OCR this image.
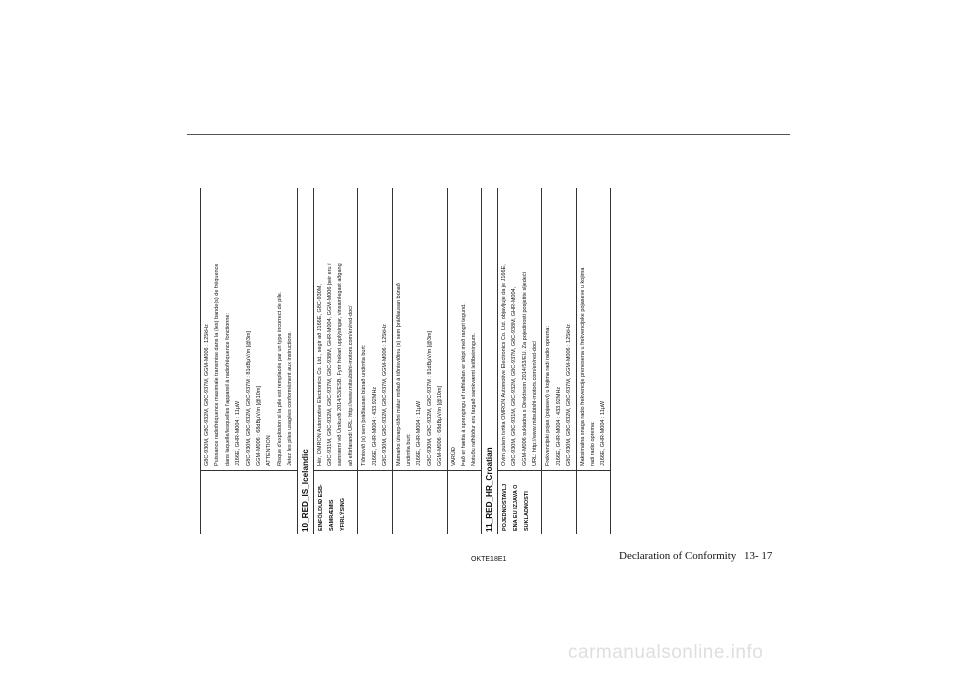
G8C-930M, G8C-932M, G8C-937M, GGM-M006 : 125kHz Puissance radiofréquence maximale transmise dans la (les) bande(s) de fréquence dans laquelle/lesquelles l'appareil à radiofréquence fonctionne: J166E, GHR-M004 : 11μW G8C-930M, G8C-932M, G8C-937M : 81dBμV/m [@3m] GGM-M006 : 68dBμV/m [@10m] ATTENTION Risque d'explosion si la pile est remplacée par un type incorrect de pile. Jetez les piles usagées conformément aux instructions.
10_RED_IS_Icelandic	EINFÖLDUÐ ESB-SAMRÆMIS YFIRLÝSING
Hér, OMRON Automotive Electronics Co. Ltd., segir að J166E, G8C-930M, G8C-931M, G8C-932M, G8C-937M, G8C-938M, GHR-M004, GGM-M006 þeir eru í samræmi við Úrskurði 2014/53/ESB. Fyrir frekari upplýsingar, vinsamlegast aðgang að eftirfarandi URL: http://www.mitsubishi-motors.com/en/red-doc/	Tíðnisvið (s) sem þráðlausan búnað undirrita burt: J166E, GHR-M004 : 433.92MHz G8C-930M, G8C-932M, G8C-937M, GGM-M006 : 125kHz	Mámarks útvarp-tíðni mátur miðað á tíðnisviðinu (s) sem þráðlausan búnað undirrita burt: J166E, GHR-M004 : 11μW G8C-930M, G8C-932M, G8C-937M : 81dBμV/m [@3m] GGM-M006 : 68dBμV/m [@10m]	VARÚÐ Það er hætta á sprengingu ef rafhlaðan er skipt með rangri tegund. Notuðu rafhlöður eru fargað samkvæmt leiðbeiningum.
11_RED_HR_Croatian	POJEDNOSTAVLJ ENA EU IZJAVA O SUKLADNOSTI
Ovim putem tvrtka OMRON Automotive Electronics Co. Ltd. objavljuje da je J166E, G8C-930M, G8C-931M, G8C-932M, G8C-937M, G8C-938M, GHR-M004, GGM-M006 sukladna s Direktivom 2014/53/EU. Za pojedinosti posjetite sljedeći URL: http://www.mitsubishi-motors.com/en/red-doc/	Frekvencijski pojas (pojasevi) u kojima radi radio oprema: J166E, GHR-M004 : 433.92MHz G8C-930M, G8C-932M, G8C-937M, GGM-M006 : 125kHz	Maksimalna snaga radio frekvencije prenesena u frekvencijske pojaseve u kojima radi radio oprema: J166E, GHR-M004 : 11μW
OKTE18E1	Declaration of Conformity 13- 17
carmanualsonline.info
